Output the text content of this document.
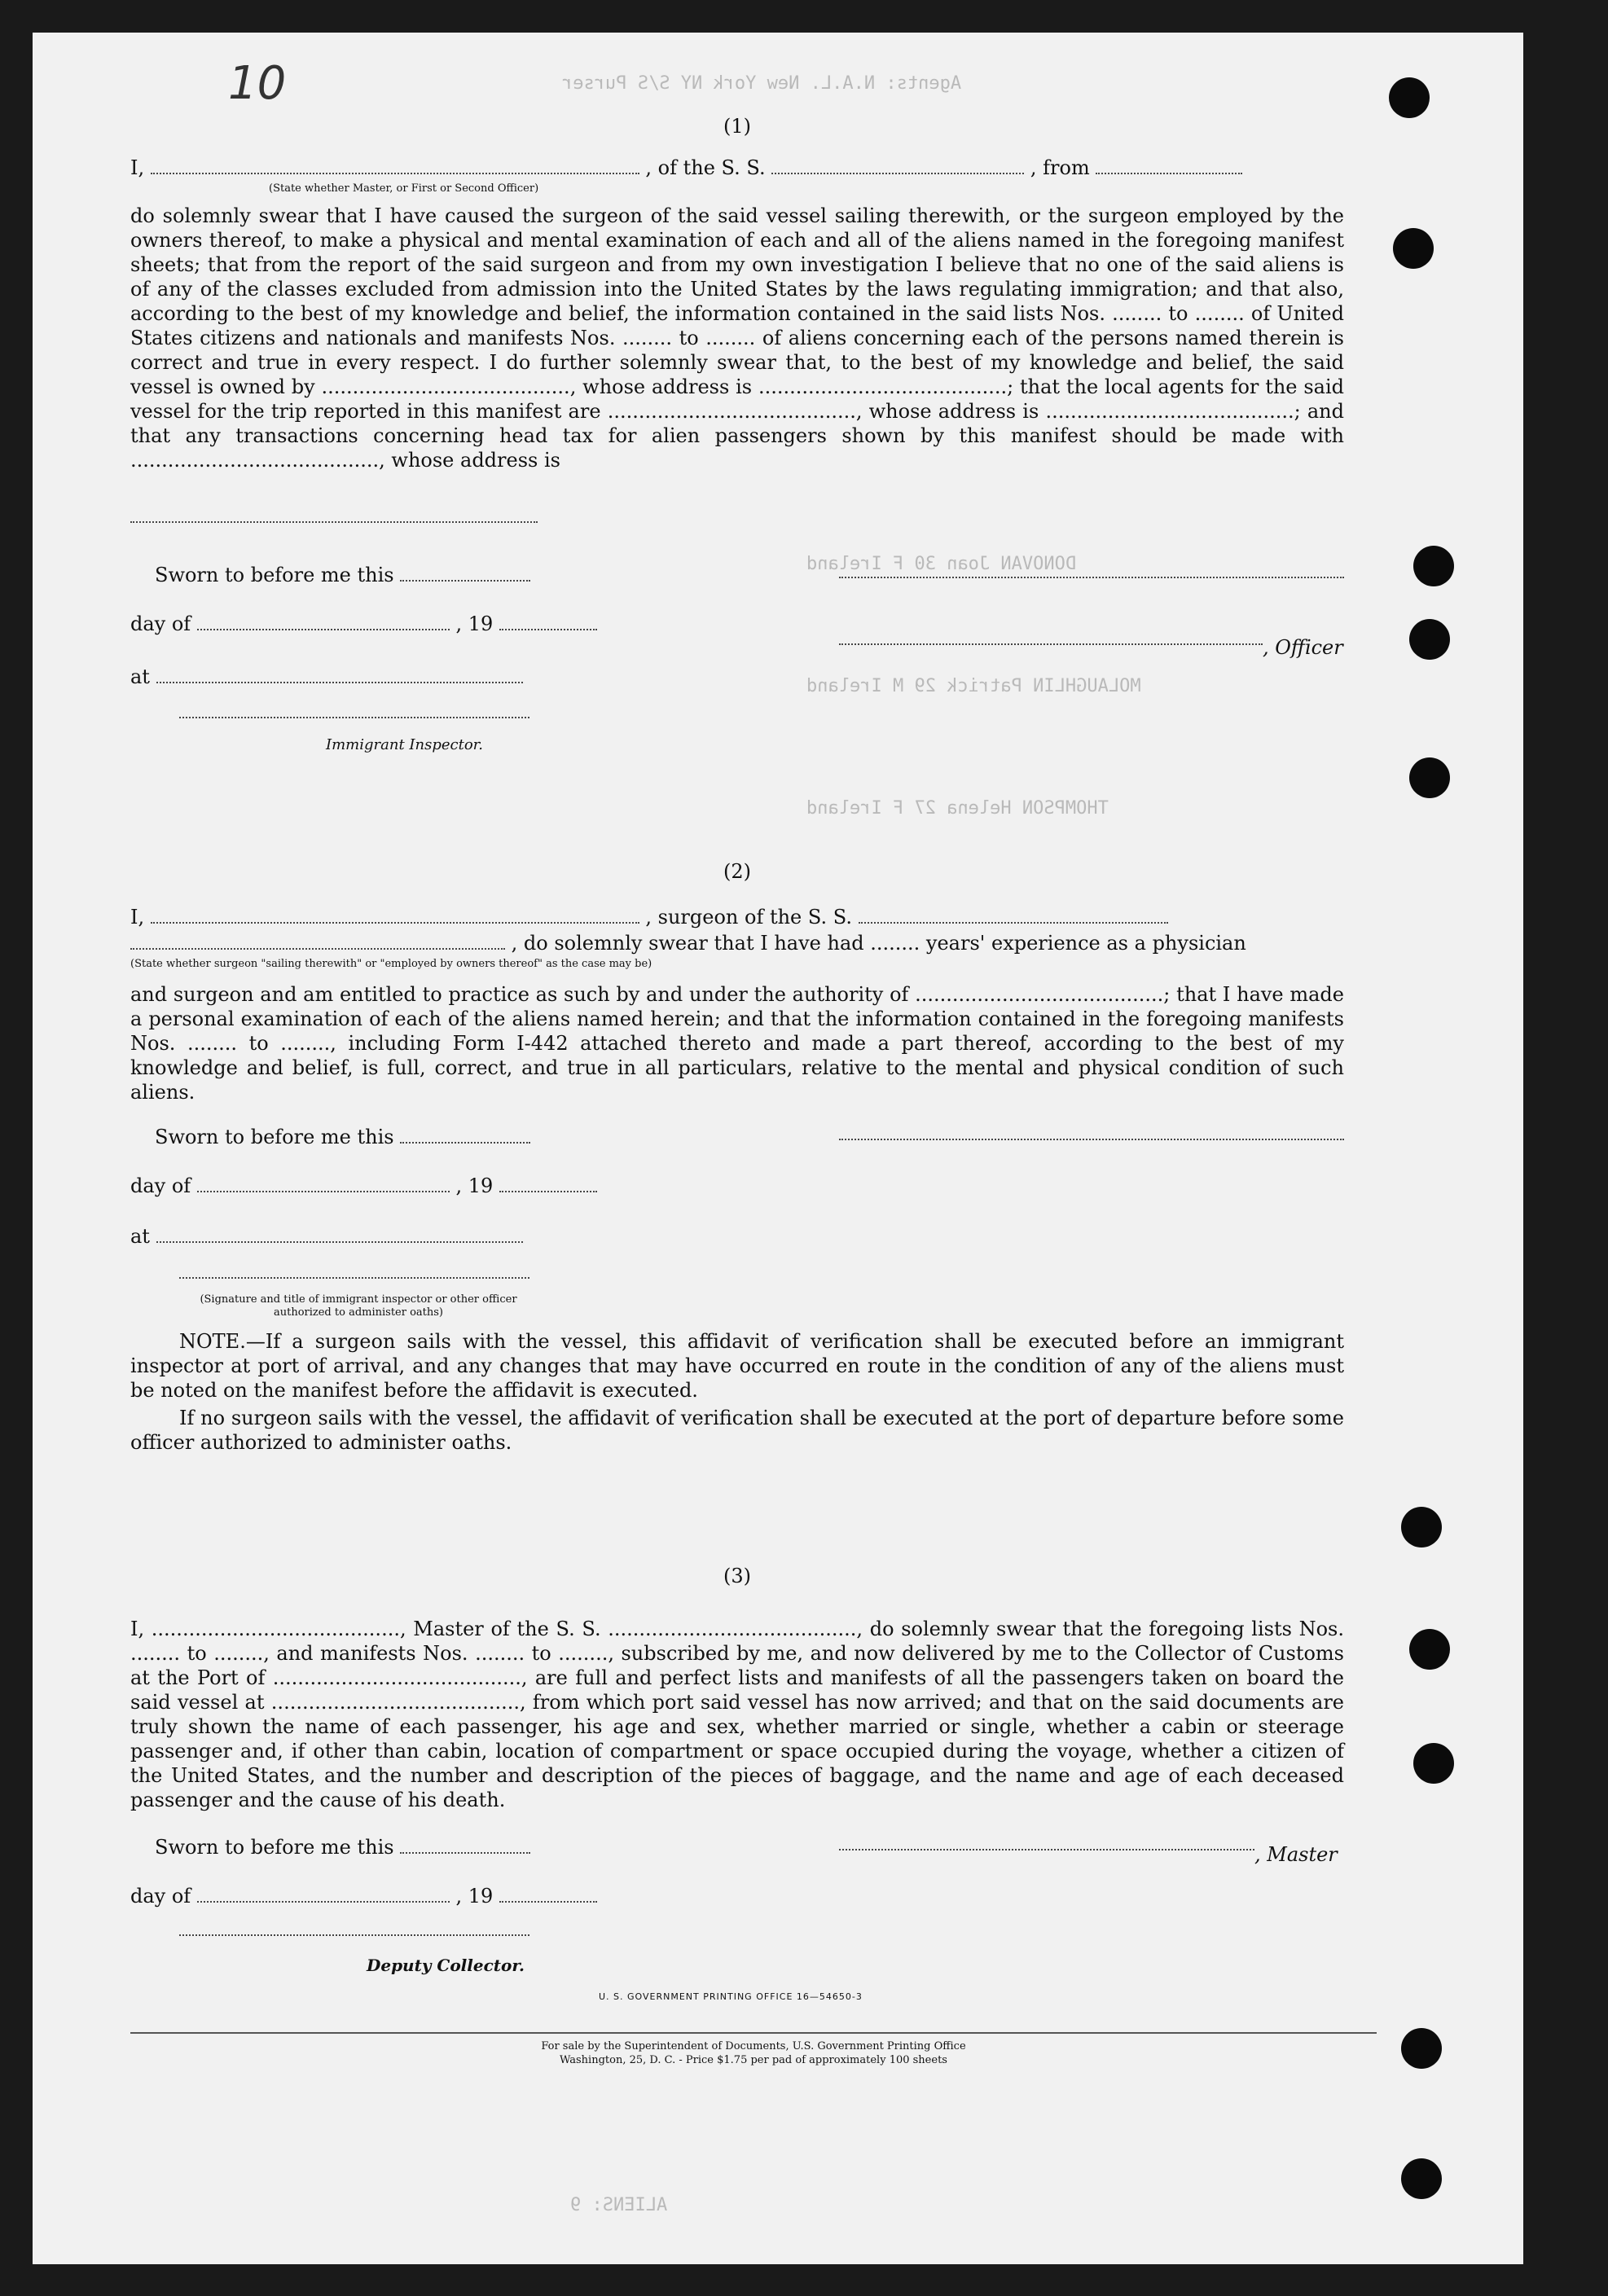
10	Agents: N.A.L. New York NY S/S Purser
DONOVAN Joan 30 F Ireland
MOLAUGHLIN Patrick 29 M Ireland
THOMPSON Helena 27 F Ireland
(1)
I,	, of the S. S.	, from
(State whether Master, or First or Second Officer)
do solemnly swear that I have caused the surgeon of the said vessel sailing therewith, or the surgeon employed by the owners thereof, to make a physical and mental examination of each and all of the aliens named in the foregoing manifest sheets; that from the report of the said surgeon and from my own investigation I believe that no one of the said aliens is of any of the classes excluded from admission into the United States by the laws regulating immigration; and that also, according to the best of my knowledge and belief, the information contained in the said lists Nos. ........ to ........ of United States citizens and nationals and manifests Nos. ........ to ........ of aliens concerning each of the persons named therein is correct and true in every respect. I do further solemnly swear that, to the best of my knowledge and belief, the said vessel is owned by ........................................, whose address is ........................................; that the local agents for the said vessel for the trip reported in this manifest are ........................................, whose address is ........................................; and that any transactions concerning head tax for alien passengers shown by this manifest should be made with ........................................, whose address is
Sworn to before me this
day of	, 19
, Officer
at
Immigrant Inspector.
(2)
I,	, surgeon of the S. S.
, do solemnly swear that I have had ........ years' experience as a physician
(State whether surgeon "sailing therewith" or "employed by owners thereof" as the case may be)
and surgeon and am entitled to practice as such by and under the authority of ........................................; that I have made a personal examination of each of the aliens named herein; and that the information contained in the foregoing manifests Nos. ........ to ........, including Form I-442 attached thereto and made a part thereof, according to the best of my knowledge and belief, is full, correct, and true in all particulars, relative to the mental and physical condition of such aliens.
Sworn to before me this
day of	, 19
at
(Signature and title of immigrant inspector or other officer authorized to administer oaths)
NOTE.—If a surgeon sails with the vessel, this affidavit of verification shall be executed before an immigrant inspector at port of arrival, and any changes that may have occurred en route in the condition of any of the aliens must be noted on the manifest before the affidavit is executed.
If no surgeon sails with the vessel, the affidavit of verification shall be executed at the port of departure before some officer authorized to administer oaths.
(3)
I, ........................................, Master of the S. S. ........................................, do solemnly swear that the foregoing lists Nos. ........ to ........, and manifests Nos. ........ to ........, subscribed by me, and now delivered by me to the Collector of Customs at the Port of ........................................, are full and perfect lists and manifests of all the passengers taken on board the said vessel at ........................................, from which port said vessel has now arrived; and that on the said documents are truly shown the name of each passenger, his age and sex, whether married or single, whether a cabin or steerage passenger and, if other than cabin, location of compartment or space occupied during the voyage, whether a citizen of the United States, and the number and description of the pieces of baggage, and the name and age of each deceased passenger and the cause of his death.
Sworn to before me this	, Master
day of	, 19
Deputy Collector.
U. S. GOVERNMENT PRINTING OFFICE 16—54650-3
For sale by the Superintendent of Documents, U.S. Government Printing Office
Washington, 25, D. C. - Price $1.75 per pad of approximately 100 sheets
ALIENS: 9
